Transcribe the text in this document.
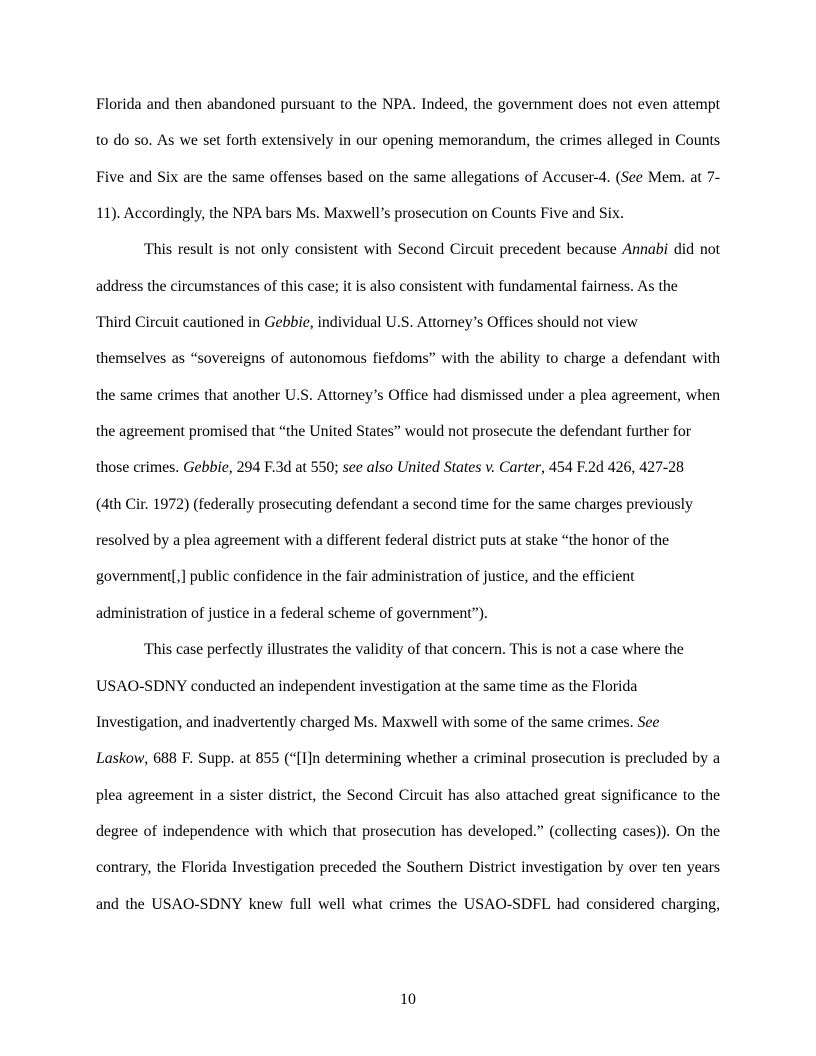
Florida and then abandoned pursuant to the NPA. Indeed, the government does not even attempt
to do so. As we set forth extensively in our opening memorandum, the crimes alleged in Counts
Five and Six are the same offenses based on the same allegations of Accuser-4. (See Mem. at 7-
11). Accordingly, the NPA bars Ms. Maxwell’s prosecution on Counts Five and Six.
This result is not only consistent with Second Circuit precedent because Annabi did not
address the circumstances of this case; it is also consistent with fundamental fairness. As the
Third Circuit cautioned in Gebbie, individual U.S. Attorney’s Offices should not view
themselves as “sovereigns of autonomous fiefdoms” with the ability to charge a defendant with
the same crimes that another U.S. Attorney’s Office had dismissed under a plea agreement, when
the agreement promised that “the United States” would not prosecute the defendant further for
those crimes. Gebbie, 294 F.3d at 550; see also United States v. Carter, 454 F.2d 426, 427-28
(4th Cir. 1972) (federally prosecuting defendant a second time for the same charges previously
resolved by a plea agreement with a different federal district puts at stake “the honor of the
government[,] public confidence in the fair administration of justice, and the efficient
administration of justice in a federal scheme of government”).
This case perfectly illustrates the validity of that concern. This is not a case where the
USAO-SDNY conducted an independent investigation at the same time as the Florida
Investigation, and inadvertently charged Ms. Maxwell with some of the same crimes. See
Laskow, 688 F. Supp. at 855 (“[I]n determining whether a criminal prosecution is precluded by a
plea agreement in a sister district, the Second Circuit has also attached great significance to the
degree of independence with which that prosecution has developed.” (collecting cases)). On the
contrary, the Florida Investigation preceded the Southern District investigation by over ten years
and the USAO-SDNY knew full well what crimes the USAO-SDFL had considered charging,
10
